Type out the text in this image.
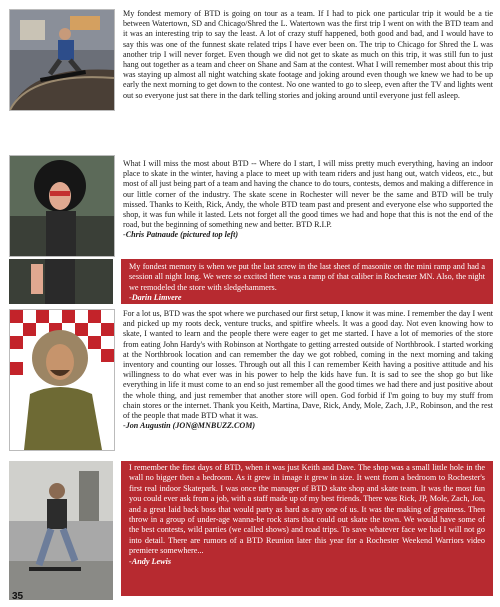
My fondest memory of BTD is going on tour as a team. If I had to pick one particular trip it would be a tie between Watertown, SD and Chicago/Shred the L. Watertown was the first trip I went on with the BTD team and it was an interesting trip to say the least. A lot of crazy stuff happened, both good and bad, and I would have to say this was one of the funnest skate related trips I have ever been on. The trip to Chicago for Shred the L was another trip I will never forget. Even though we did not get to skate as much on this trip, it was still fun to just hang out together as a team and cheer on Shane and Sam at the contest. What I will remember most about this trip was staying up almost all night watching skate footage and joking around even though we knew we had to be up early the next morning to get down to the contest. No one wanted to go to sleep, even after the TV and lights went out so everyone just sat there in the dark telling stories and joking around until everyone just fell asleep.

What I will miss the most about BTD -- Where do I start, I will miss pretty much everything, having an indoor place to skate in the winter, having a place to meet up with team riders and just hang out, watch videos, etc., but most of all just being part of a team and having the chance to do tours, contests, demos and making a difference in our little corner of the industry. The skate scene in Rochester will never be the same and BTD will be truly missed. Thanks to Keith, Rick, Andy, the whole BTD team past and present and everyone else who supported the shop, it was fun while it lasted. Lets not forget all the good times we had and hope that this is not the end of the road, but the beginning of something new and better. BTD R.I.P.

-Chris Patnaude (pictured top left)

My fondest memory is when we put the last screw in the last sheet of masonite on the mini ramp and had a session all night long. We were so excited there was a ramp of that caliber in Rochester MN. Also, the night we remodeled the store with sledgehammers.
-Darin Limvere

For a lot us, BTD was the spot where we purchased our first setup, I know it was mine. I remember the day I went and picked up my roots deck, venture trucks, and spitfire wheels. It was a good day. Not even knowing how to skate, I wanted to learn and the people there were eager to get me started. I have a lot of memories of the store from eating John Hardy's with Robinson at Northgate to getting arrested outside of Northbrook. I started working at the Northbrook location and can remember the day we got robbed, coming in the next morning and taking inventory and counting our losses. Through out all this I can remember Keith having a positive attitude and his willingness to do what ever was in his power to help the kids have fun. It is sad to see the shop go but like everything in life it must come to an end so just remember all the good times we had there and just positive about the whole thing, and just remember that another store will open. God forbid if I'm going to buy my stuff from chain stores or the internet. Thank you Keith, Martina, Dave, Rick, Andy, Mole, Zach, J.P., Robinson, and the rest of the people that made BTD what it was.

-Jon Augustin (JON@MNBUZZ.COM)

I remember the first days of BTD, when it was just Keith and Dave. The shop was a small little hole in the wall no bigger then a bedroom. As it grew in image it grew in size. It went from a bedroom to Rochester's first real indoor Skatepark. I was once the manager of BTD skate shop and skate team. It was the most fun you could ever ask from a job, with a staff made up of my best friends. There was Rick, JP, Mole, Zach, Jon, and a great laid back boss that would party as hard as any one of us. It was the making of greatness. Then throw in a group of under-age wanna-be rock stars that could out skate the town. We would have some of the best contests, wild parties (we called shows) and road trips. To save whatever face we had I will not go into detail. There are rumors of a BTD Reunion later this year for a Rochester Weekend Warriors video premiere somewhere...
-Andy Lewis
35
